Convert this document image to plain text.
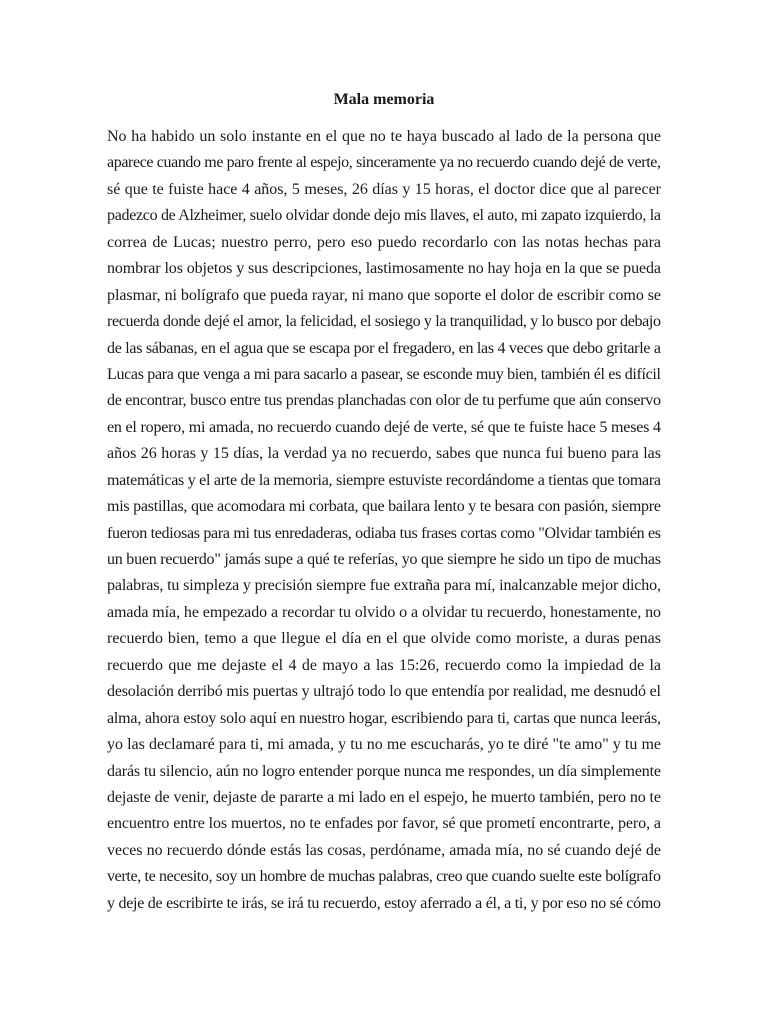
Mala memoria
No ha habido un solo instante en el que no te haya buscado al lado de la persona que
aparece cuando me paro frente al espejo, sinceramente ya no recuerdo cuando dejé de verte,
sé que te fuiste hace 4 años, 5 meses, 26 días y 15 horas, el doctor dice que al parecer
padezco de Alzheimer, suelo olvidar donde dejo mis llaves, el auto, mi zapato izquierdo, la
correa de Lucas; nuestro perro, pero eso puedo recordarlo con las notas hechas para
nombrar los objetos y sus descripciones, lastimosamente no hay hoja en la que se pueda
plasmar, ni bolígrafo que pueda rayar, ni mano que soporte el dolor de escribir como se
recuerda donde dejé el amor, la felicidad, el sosiego y la tranquilidad, y lo busco por debajo
de las sábanas, en el agua que se escapa por el fregadero, en las 4 veces que debo gritarle a
Lucas para que venga a mi para sacarlo a pasear, se esconde muy bien, también él es difícil
de encontrar, busco entre tus prendas planchadas con olor de tu perfume que aún conservo
en el ropero, mi amada, no recuerdo cuando dejé de verte, sé que te fuiste hace 5 meses 4
años 26 horas y 15 días, la verdad ya no recuerdo, sabes que nunca fui bueno para las
matemáticas y el arte de la memoria, siempre estuviste recordándome a tientas que tomara
mis pastillas, que acomodara mi corbata, que bailara lento y te besara con pasión, siempre
fueron tediosas para mi tus enredaderas, odiaba tus frases cortas como "Olvidar también es
un buen recuerdo" jamás supe a qué te referías, yo que siempre he sido un tipo de muchas
palabras, tu simpleza y precisión siempre fue extraña para mí, inalcanzable mejor dicho,
amada mía, he empezado a recordar tu olvido o a olvidar tu recuerdo, honestamente, no
recuerdo bien, temo a que llegue el día en el que olvide como moriste, a duras penas
recuerdo que me dejaste el 4 de mayo a las 15:26, recuerdo como la impiedad de la
desolación derribó mis puertas y ultrajó todo lo que entendía por realidad, me desnudó el
alma, ahora estoy solo aquí en nuestro hogar, escribiendo para ti, cartas que nunca leerás,
yo las declamaré para ti, mi amada, y tu no me escucharás, yo te diré "te amo" y tu me
darás tu silencio, aún no logro entender porque nunca me respondes, un día simplemente
dejaste de venir, dejaste de pararte a mi lado en el espejo, he muerto también, pero no te
encuentro entre los muertos, no te enfades por favor, sé que prometí encontrarte, pero, a
veces no recuerdo dónde estás las cosas, perdóname, amada mía, no sé cuando dejé de
verte, te necesito, soy un hombre de muchas palabras, creo que cuando suelte este bolígrafo
y deje de escribirte te irás, se irá tu recuerdo, estoy aferrado a él, a ti, y por eso no sé cómo
